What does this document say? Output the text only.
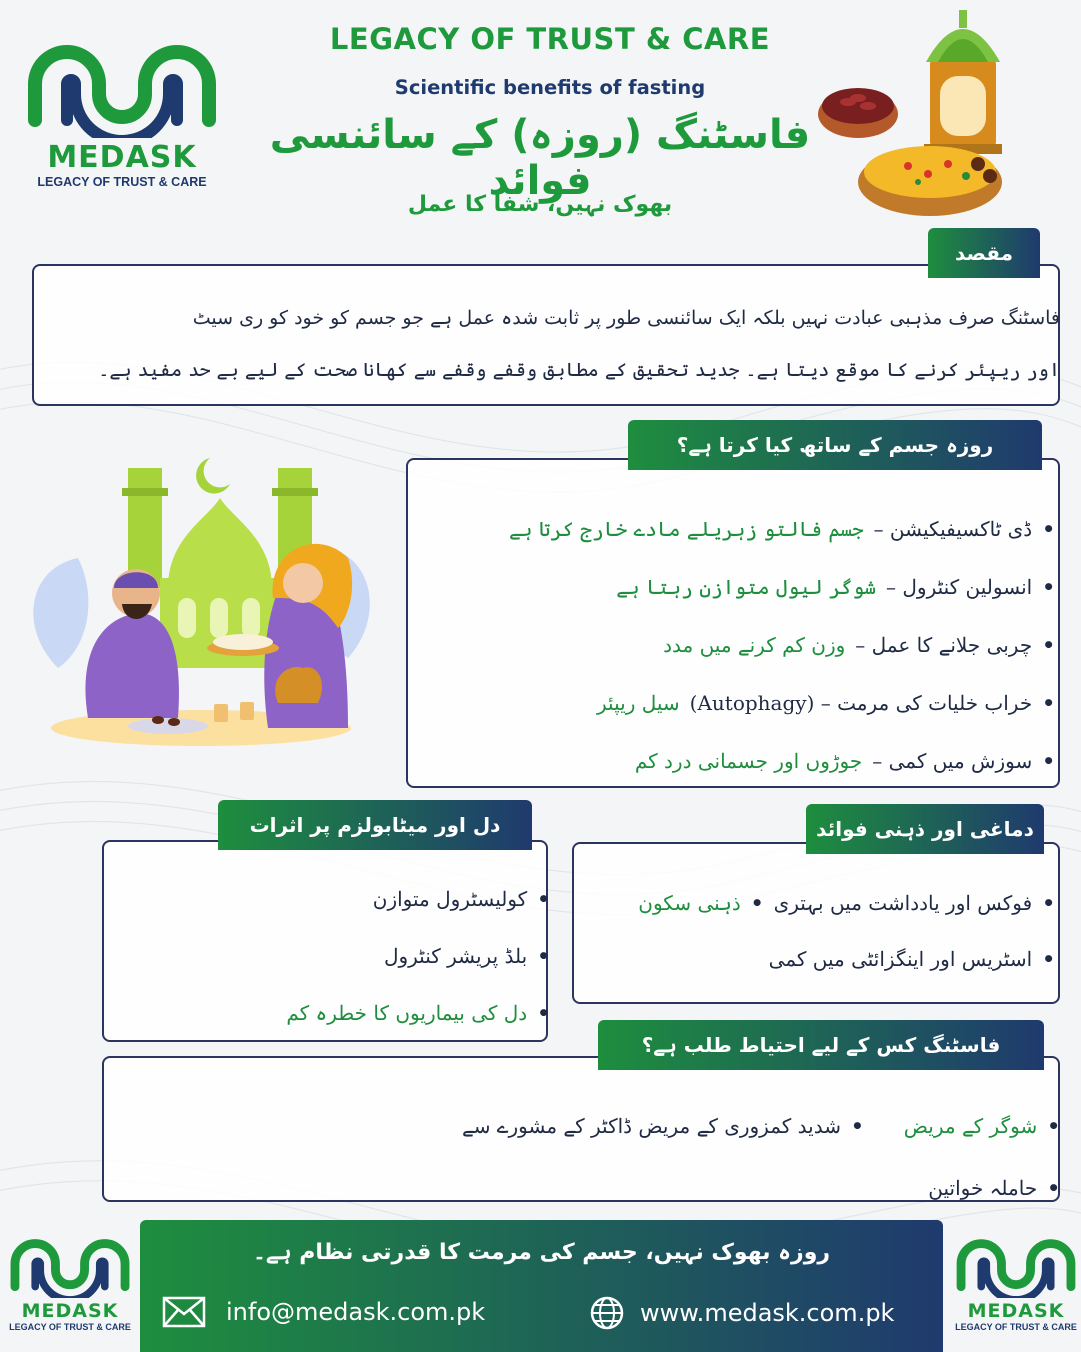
MEDASK
LEGACY OF TRUST & CARE
LEGACY OF TRUST & CARE
Scientific benefits of fasting
فاسٹنگ (روزہ) کے سائنسی فوائد
بھوک نہیں، شفا کا عمل
مقصد
فاسٹنگ صرف مذہبی عبادت نہیں بلکہ ایک سائنسی طور پر ثابت شدہ عمل ہے جو جسم کو خود کو ری سیٹ
اور ریپئر کرنے کا موقع دیتا ہے۔ جدید تحقیق کے مطابق وقفے وقفے سے کھانا صحت کے لیے بے حد مفید ہے۔
روزہ جسم کے ساتھ کیا کرتا ہے؟
•
ڈی ٹاکسیفیکیشن –
جسم فالتو زہریلے مادے خارج کرتا ہے
•
انسولین کنٹرول –
شوگر لیول متوازن رہتا ہے
•
چربی جلانے کا عمل –
وزن کم کرنے میں مدد
•
خراب خلیات کی مرمت – (Autophagy)
سیل ریپئر
•
سوزش میں کمی –
جوڑوں اور جسمانی درد کم
دل اور میٹابولزم پر اثرات
•
کولیسٹرول متوازن
•
بلڈ پریشر کنٹرول
•
دل کی بیماریوں کا خطرہ کم
دماغی اور ذہنی فوائد
•
فوکس اور یادداشت میں بہتری
•
ذہنی سکون
•
اسٹریس اور اینگزائٹی میں کمی
فاسٹنگ کس کے لیے احتیاط طلب ہے؟
•
شوگر کے مریض
•
شدید کمزوری کے مریض ڈاکٹر کے مشورے سے
•
حاملہ خواتین
روزہ بھوک نہیں، جسم کی مرمت کا قدرتی نظام ہے۔
info@medask.com.pk	www.medask.com.pk
MEDASK
LEGACY OF TRUST & CARE
MEDASK
LEGACY OF TRUST & CARE
